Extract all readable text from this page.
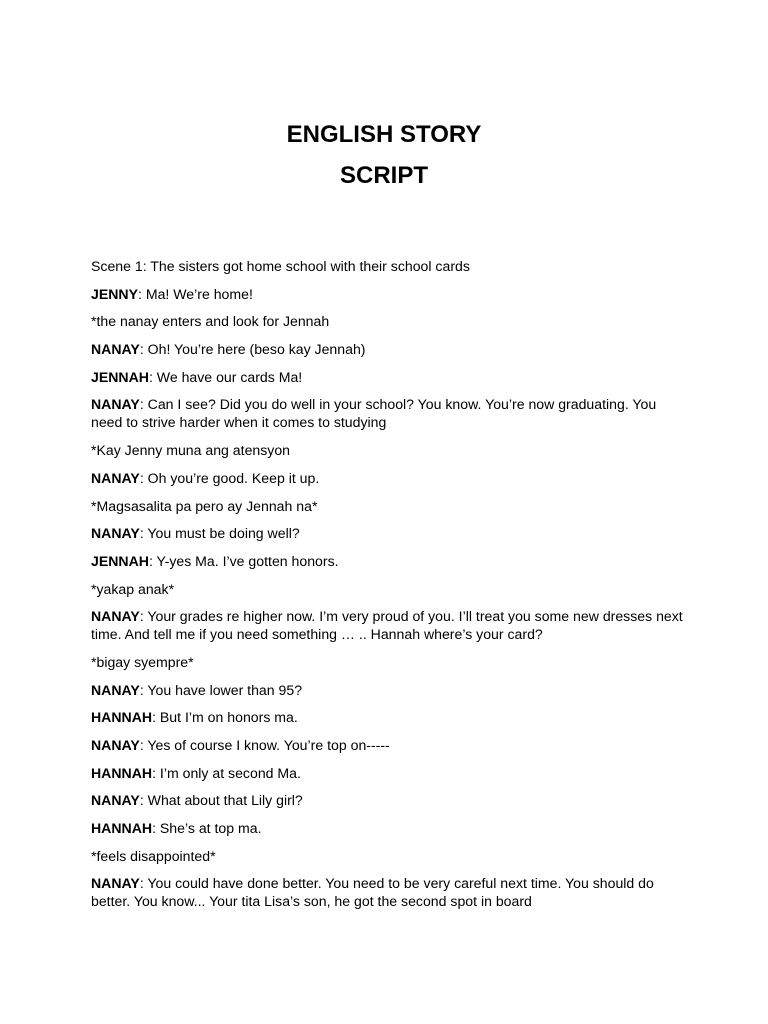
ENGLISH STORY
SCRIPT

Scene 1: The sisters got home school with their school cards

JENNY: Ma! We’re home!

*the nanay enters and look for Jennah

NANAY: Oh! You’re here (beso kay Jennah)

JENNAH: We have our cards Ma!

NANAY: Can I see? Did you do well in your school? You know. You’re now graduating. You need to strive harder when it comes to studying

*Kay Jenny muna ang atensyon

NANAY: Oh you’re good. Keep it up.

*Magsasalita pa pero ay Jennah na*

NANAY: You must be doing well?

JENNAH: Y-yes Ma. I’ve gotten honors.

*yakap anak*

NANAY: Your grades re higher now. I’m very proud of you. I’ll treat you some new dresses next time. And tell me if you need something … .. Hannah where’s your card?

*bigay syempre*

NANAY: You have lower than 95?

HANNAH: But I’m on honors ma.

NANAY: Yes of course I know. You’re top on-----

HANNAH: I’m only at second Ma.

NANAY: What about that Lily girl?

HANNAH: She’s at top ma.

*feels disappointed*

NANAY: You could have done better. You need to be very careful next time. You should do better. You know... Your tita Lisa’s son, he got the second spot in board
